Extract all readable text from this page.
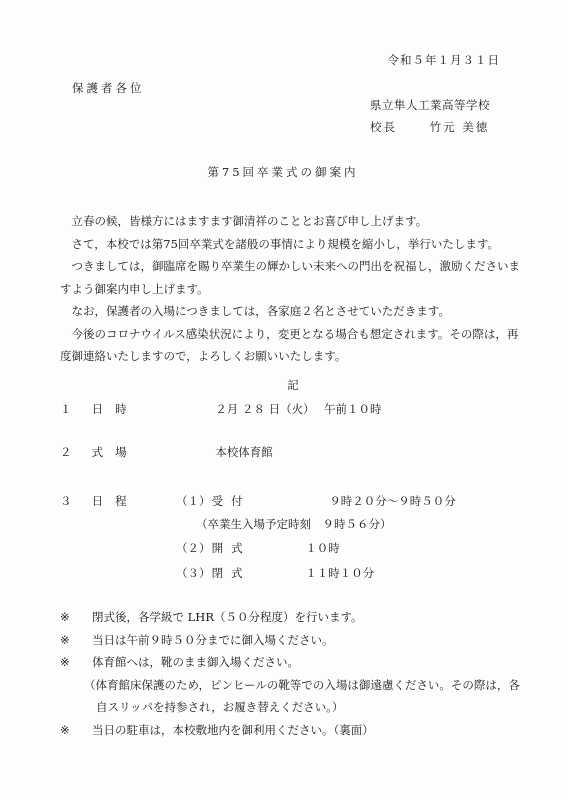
令和５年１月３１日
保護者各位
県立隼人工業高等学校
校長　　	竹元 美徳
第75回卒業式の御案内

立春の候，皆様方にはますます御清祥のこととお喜び申し上げます。

さて，本校では第75回卒業式を諸般の事情により規模を縮小し，挙行いたします。

つきましては，御臨席を賜り卒業生の輝かしい未来への門出を祝福し，激励くださいますよう御案内申し上げます。

なお，保護者の入場につきましては，各家庭２名とさせていただきます。

今後のコロナウイルス感染状況により，変更となる場合も想定されます。その際は，再度御連絡いたしますので，よろしくお願いいたします。

記
１ 日時	２月 ２８ 日（火）　 午前１０時
２ 式場	本校体育館
３ 日程	（１） 受付	９時２０分～９時５０分
（卒業生入場予定時刻　９時５６分）
（２） 開式	１０時
（３） 閉式	１１時１０分
※ 閉式後，各学級で LHR（５０分程度）を行います。
※ 当日は午前９時５０分までに御入場ください。
※ 体育館へは，靴のまま御入場ください。
（体育館床保護のため，ピンヒールの靴等での入場は御遠慮ください。その際は，各
自スリッパを持参され，お履き替えください。）
※ 当日の駐車は，本校敷地内を御利用ください。（裏面）
